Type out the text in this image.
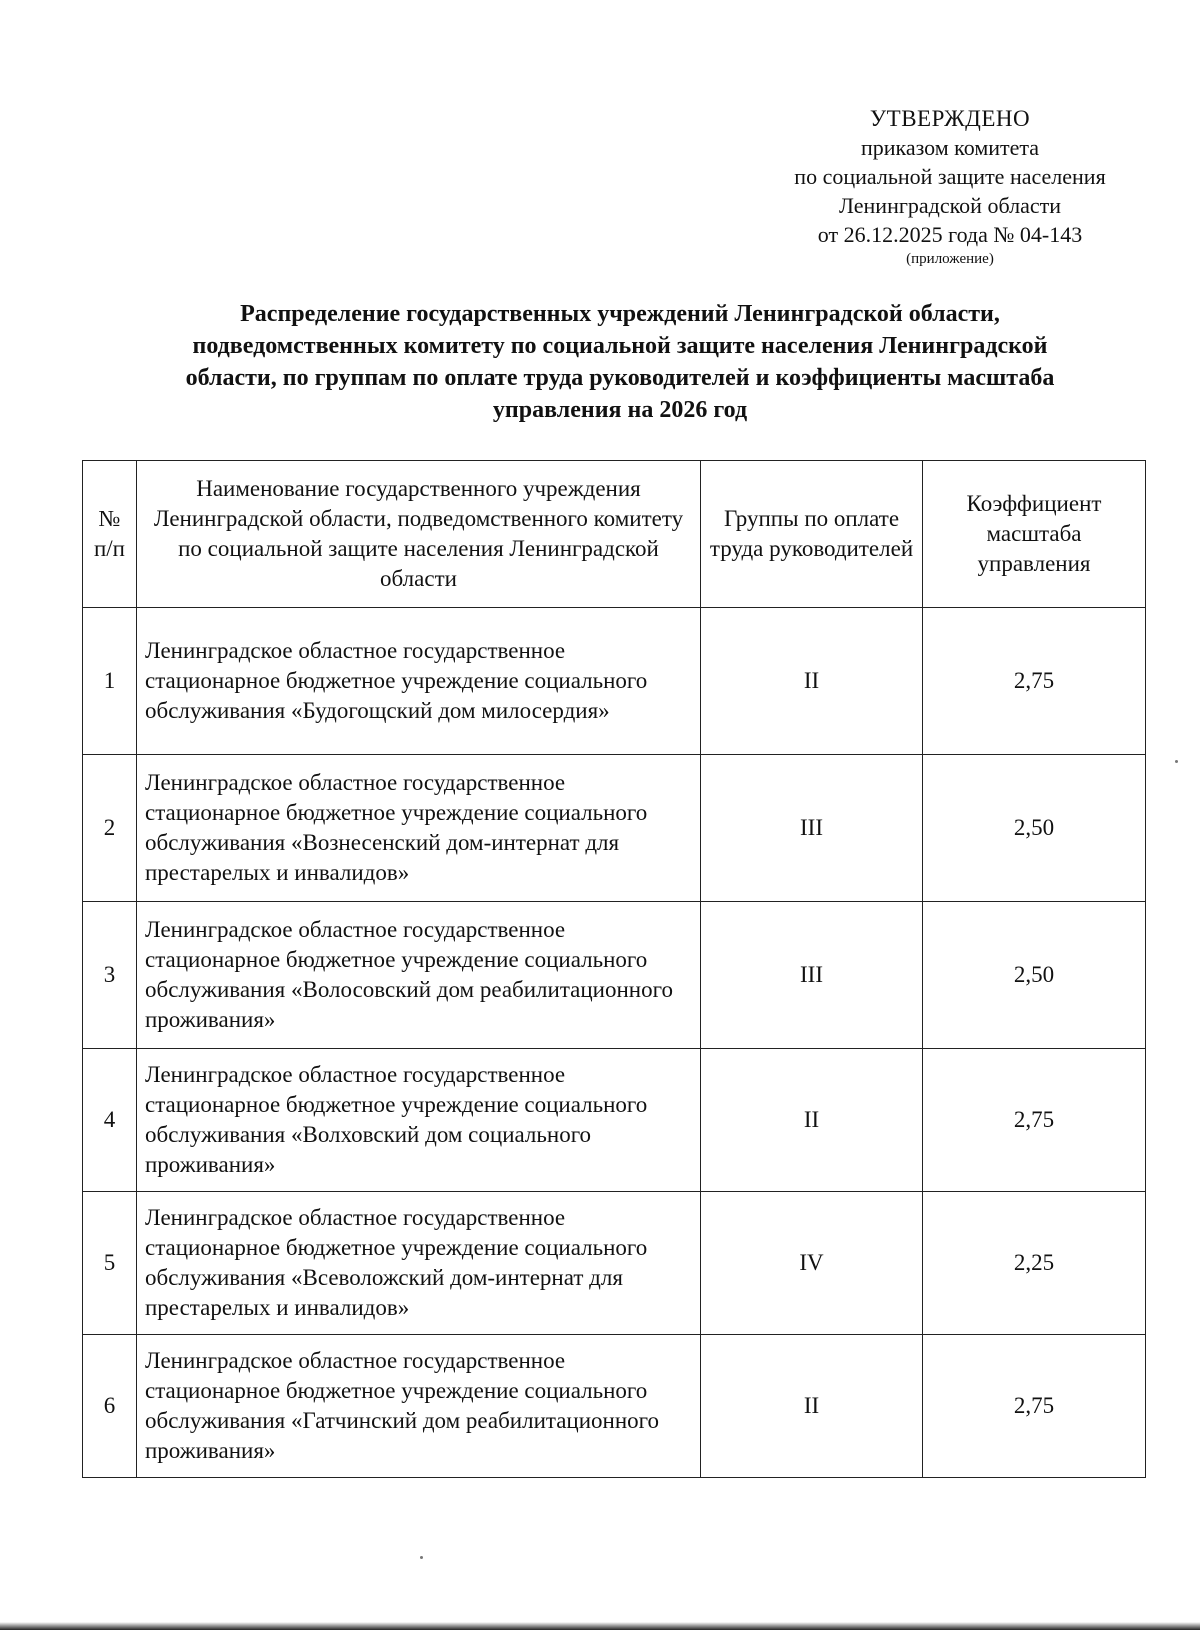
УТВЕРЖДЕНО
приказом комитета
по социальной защите населения
Ленинградской области
от 26.12.2025 года № 04-143
(приложение)
Распределение государственных учреждений Ленинградской области,
подведомственных комитету по социальной защите населения Ленинградской
области, по группам по оплате труда руководителей и коэффициенты масштаба
управления на 2026 год
№ п/п	Наименование государственного учреждения Ленинградской области, подведомственного комитету по социальной защите населения Ленинградской области	Группы по оплате труда руководителей	Коэффициент масштаба управления
1	Ленинградское областное государственное стационарное бюджетное учреждение социального обслуживания «Будогощский дом милосердия»	II	2,75
2	Ленинградское областное государственное стационарное бюджетное учреждение социального обслуживания «Вознесенский дом-интернат для престарелых и инвалидов»	III	2,50
3	Ленинградское областное государственное стационарное бюджетное учреждение социального обслуживания «Волосовский дом реабилитационного проживания»	III	2,50
4	Ленинградское областное государственное стационарное бюджетное учреждение социального обслуживания «Волховский дом социального проживания»	II	2,75
5	Ленинградское областное государственное стационарное бюджетное учреждение социального обслуживания «Всеволожский дом-интернат для престарелых и инвалидов»	IV	2,25
6	Ленинградское областное государственное стационарное бюджетное учреждение социального обслуживания «Гатчинский дом реабилитационного проживания»	II	2,75
